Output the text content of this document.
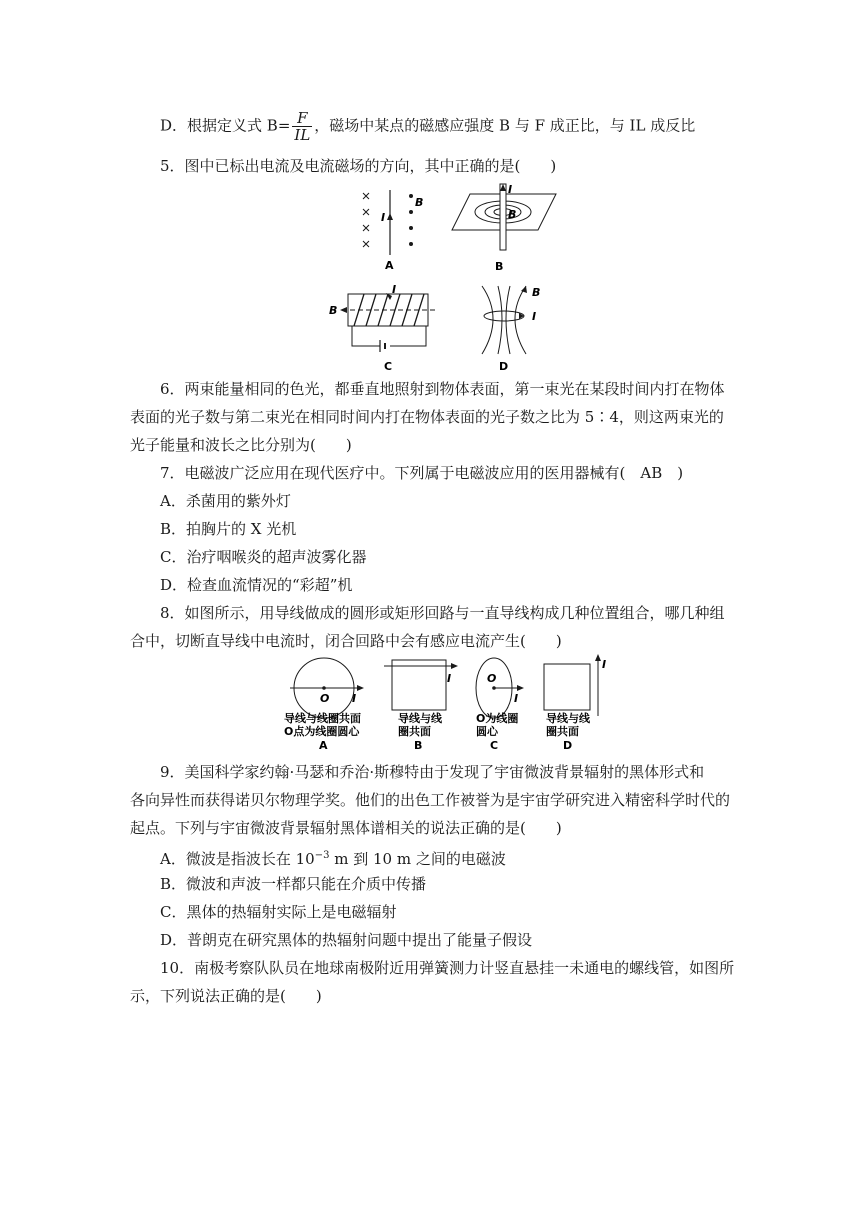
D．根据定义式 $B= \frac{F}{IL}$ ，磁场中某点的磁感应强度 B 与 F 成正比，与 IL 成反比
5．图中已标出电流及电流磁场的方向，其中正确的是(　　)
I
B
A
I
B
B
I
B
C
B
I
D
6．两束能量相同的色光，都垂直地照射到物体表面，第一束光在某段时间内打在物体
表面的光子数与第二束光在相同时间内打在物体表面的光子数之比为 5∶4，则这两束光的
光子能量和波长之比分别为(　　)
7．电磁波广泛应用在现代医疗中。下列属于电磁波应用的医用器械有(　AB　)
A．杀菌用的紫外灯
B．拍胸片的 X 光机
C．治疗咽喉炎的超声波雾化器
D．检查血流情况的“彩超”机
8．如图所示，用导线做成的圆形或矩形回路与一直导线构成几种位置组合，哪几种组
合中，切断直导线中电流时，闭合回路中会有感应电流产生(　　)
O I
导线与线圈共面
O点为线圈圆心
A
I
导线与线
圈共面
B
O
I
O为线圈
圆心
C
I
导线与线
圈共面
D
9．美国科学家约翰·马瑟和乔治·斯穆特由于发现了宇宙微波背景辐射的黑体形式和
各向异性而获得诺贝尔物理学奖。他们的出色工作被誉为是宇宙学研究进入精密科学时代的
起点。下列与宇宙微波背景辐射黑体谱相关的说法正确的是(　　)
A．微波是指波长在 $10^{-3}$ m 到 10 m 之间的电磁波
B．微波和声波一样都只能在介质中传播
C．黑体的热辐射实际上是电磁辐射
D．普朗克在研究黑体的热辐射问题中提出了能量子假设
10．南极考察队队员在地球南极附近用弹簧测力计竖直悬挂一未通电的螺线管，如图所
示，下列说法正确的是(　　)
